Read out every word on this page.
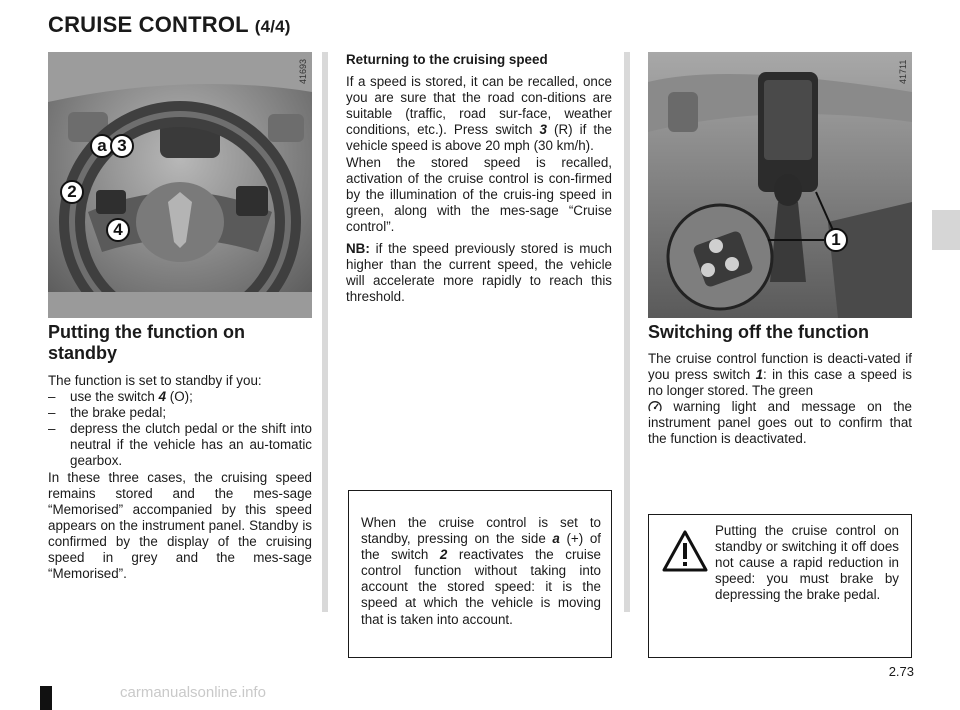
CRUISE CONTROL (4/4)
a 3
2
4
41693
Putting the function on standby

The function is set to standby if you:

– use the switch 4 (O);
– the brake pedal;
– depress the clutch pedal or the shift into neutral if the vehicle has an au-tomatic gearbox.

In these three cases, the cruising speed remains stored and the mes-sage “Memorised” accompanied by this speed appears on the instrument panel. Standby is confirmed by the display of the cruising speed in grey and the mes-sage “Memorised”.

Returning to the cruising speed

If a speed is stored, it can be recalled, once you are sure that the road con-ditions are suitable (traffic, road sur-face, weather conditions, etc.). Press switch 3 (R) if the vehicle speed is above 20 mph (30 km/h).

When the stored speed is recalled, activation of the cruise control is con-firmed by the illumination of the cruis-ing speed in green, along with the mes-sage “Cruise control”.

NB: if the speed previously stored is much higher than the current speed, the vehicle will accelerate more rapidly to reach this threshold.

When the cruise control is set to standby, pressing on the side a (+) of the switch 2 reactivates the cruise control function without taking into account the stored speed: it is the speed at which the vehicle is moving that is taken into account.

1
41711
Switching off the function

The cruise control function is deacti-vated if you press switch 1: in this case a speed is no longer stored. The green
warning light and message on the instrument panel goes out to confirm that the function is deactivated.

Putting the cruise control on standby or switching it off does not cause a rapid reduction in speed: you must brake by depressing the brake pedal.

2.73
carmanualsonline.info
